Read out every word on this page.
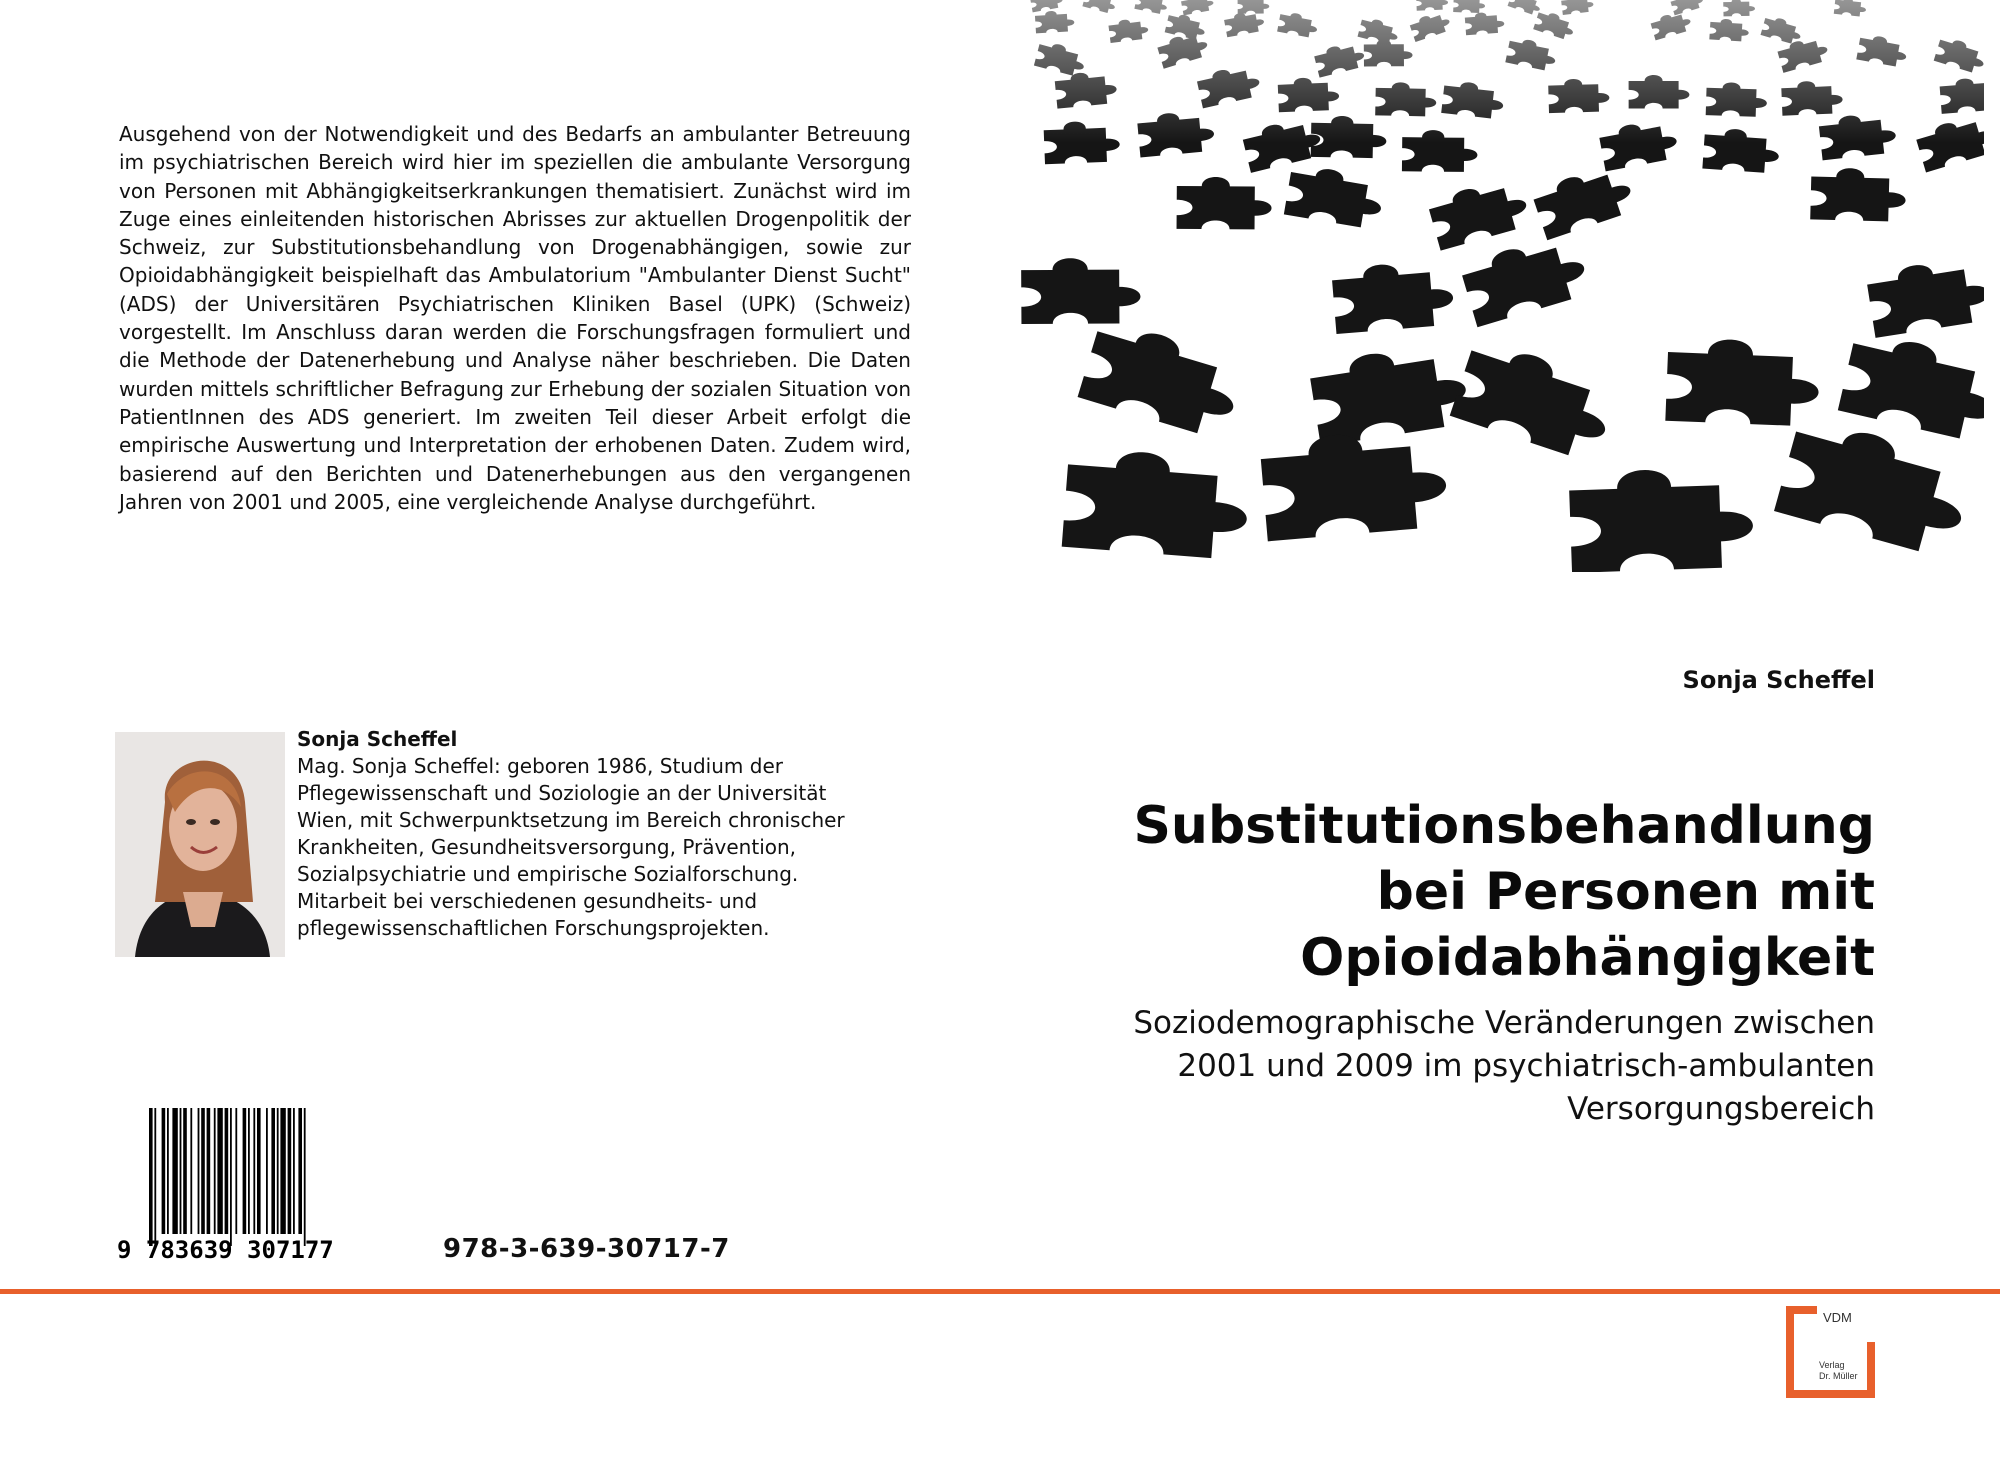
Ausgehend von der Notwendigkeit und des Bedarfs an ambulanter Betreuung im psychiatrischen Bereich wird hier im speziellen die ambulante Versorgung von Personen mit Abhängigkeitserkrankungen thematisiert. Zunächst wird im Zuge eines einleitenden historischen Abrisses zur aktuellen Drogenpolitik der Schweiz, zur Substitutionsbehandlung von Drogenabhängigen, sowie zur Opioidabhängigkeit beispielhaft das Ambulatorium "Ambulanter Dienst Sucht" (ADS) der Universitären Psychiatrischen Kliniken Basel (UPK) (Schweiz) vorgestellt. Im Anschluss daran werden die Forschungsfragen formuliert und die Methode der Datenerhebung und Analyse näher beschrieben. Die Daten wurden mittels schriftlicher Befragung zur Erhebung der sozialen Situation von PatientInnen des ADS generiert. Im zweiten Teil dieser Arbeit erfolgt die empirische Auswertung und Interpretation der erhobenen Daten. Zudem wird, basierend auf den Berichten und Datenerhebungen aus den vergangenen Jahren von 2001 und 2005, eine vergleichende Analyse durchgeführt.

Sonja Scheffel

Sonja Scheffel

Mag. Sonja Scheffel: geboren 1986, Studium der Pflegewissenschaft und Soziologie an der Universität Wien, mit Schwerpunktsetzung im Bereich chronischer Krankheiten, Gesundheitsversorgung, Prävention, Sozialpsychiatrie und empirische Sozialforschung. Mitarbeit bei verschiedenen gesundheits- und pflegewissenschaftlichen Forschungsprojekten.

Substitutionsbehandlung
bei Personen mit
Opioidabhängigkeit

Soziodemographische Veränderungen zwischen
2001 und 2009 im psychiatrisch-ambulanten
Versorgungsbereich

9 783639 307177	978-3-639-30717-7
VDM
Verlag
Dr. Müller
